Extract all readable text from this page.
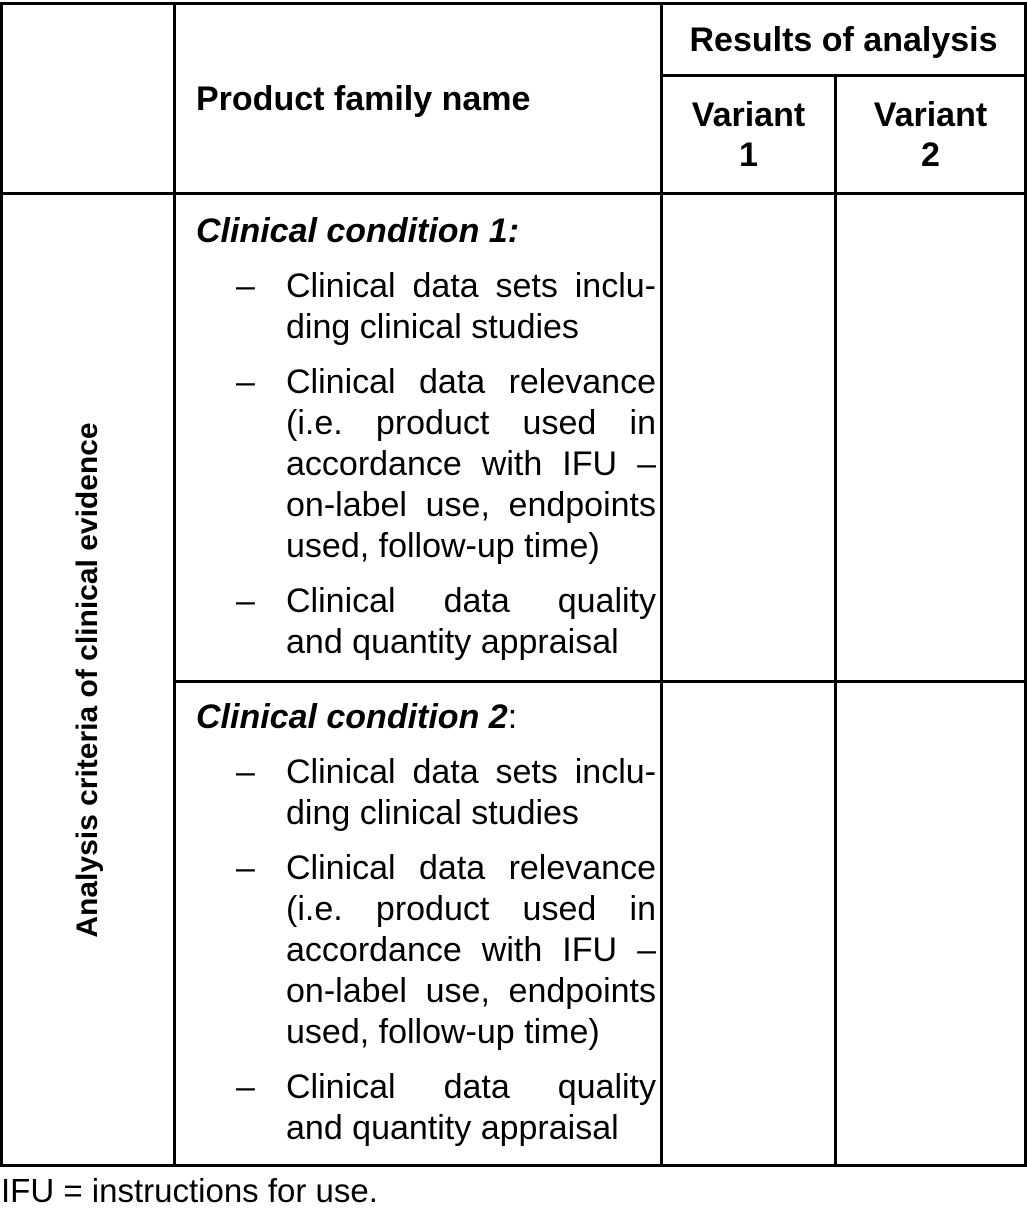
Product family name
Results of analysis
Variant
1
Variant
2
Analysis criteria of clinical evidence
Clinical condition 1:
– Clinical data sets inclu-
ding clinical studies
– Clinical data relevance
(i.e. product used in
accordance with IFU –
on-label use, endpoints
used, follow-up time)
– Clinical data quality
and quantity appraisal
Clinical condition 2:
– Clinical data sets inclu-
ding clinical studies
– Clinical data relevance
(i.e. product used in
accordance with IFU –
on-label use, endpoints
used, follow-up time)
– Clinical data quality
and quantity appraisal
IFU = instructions for use.
